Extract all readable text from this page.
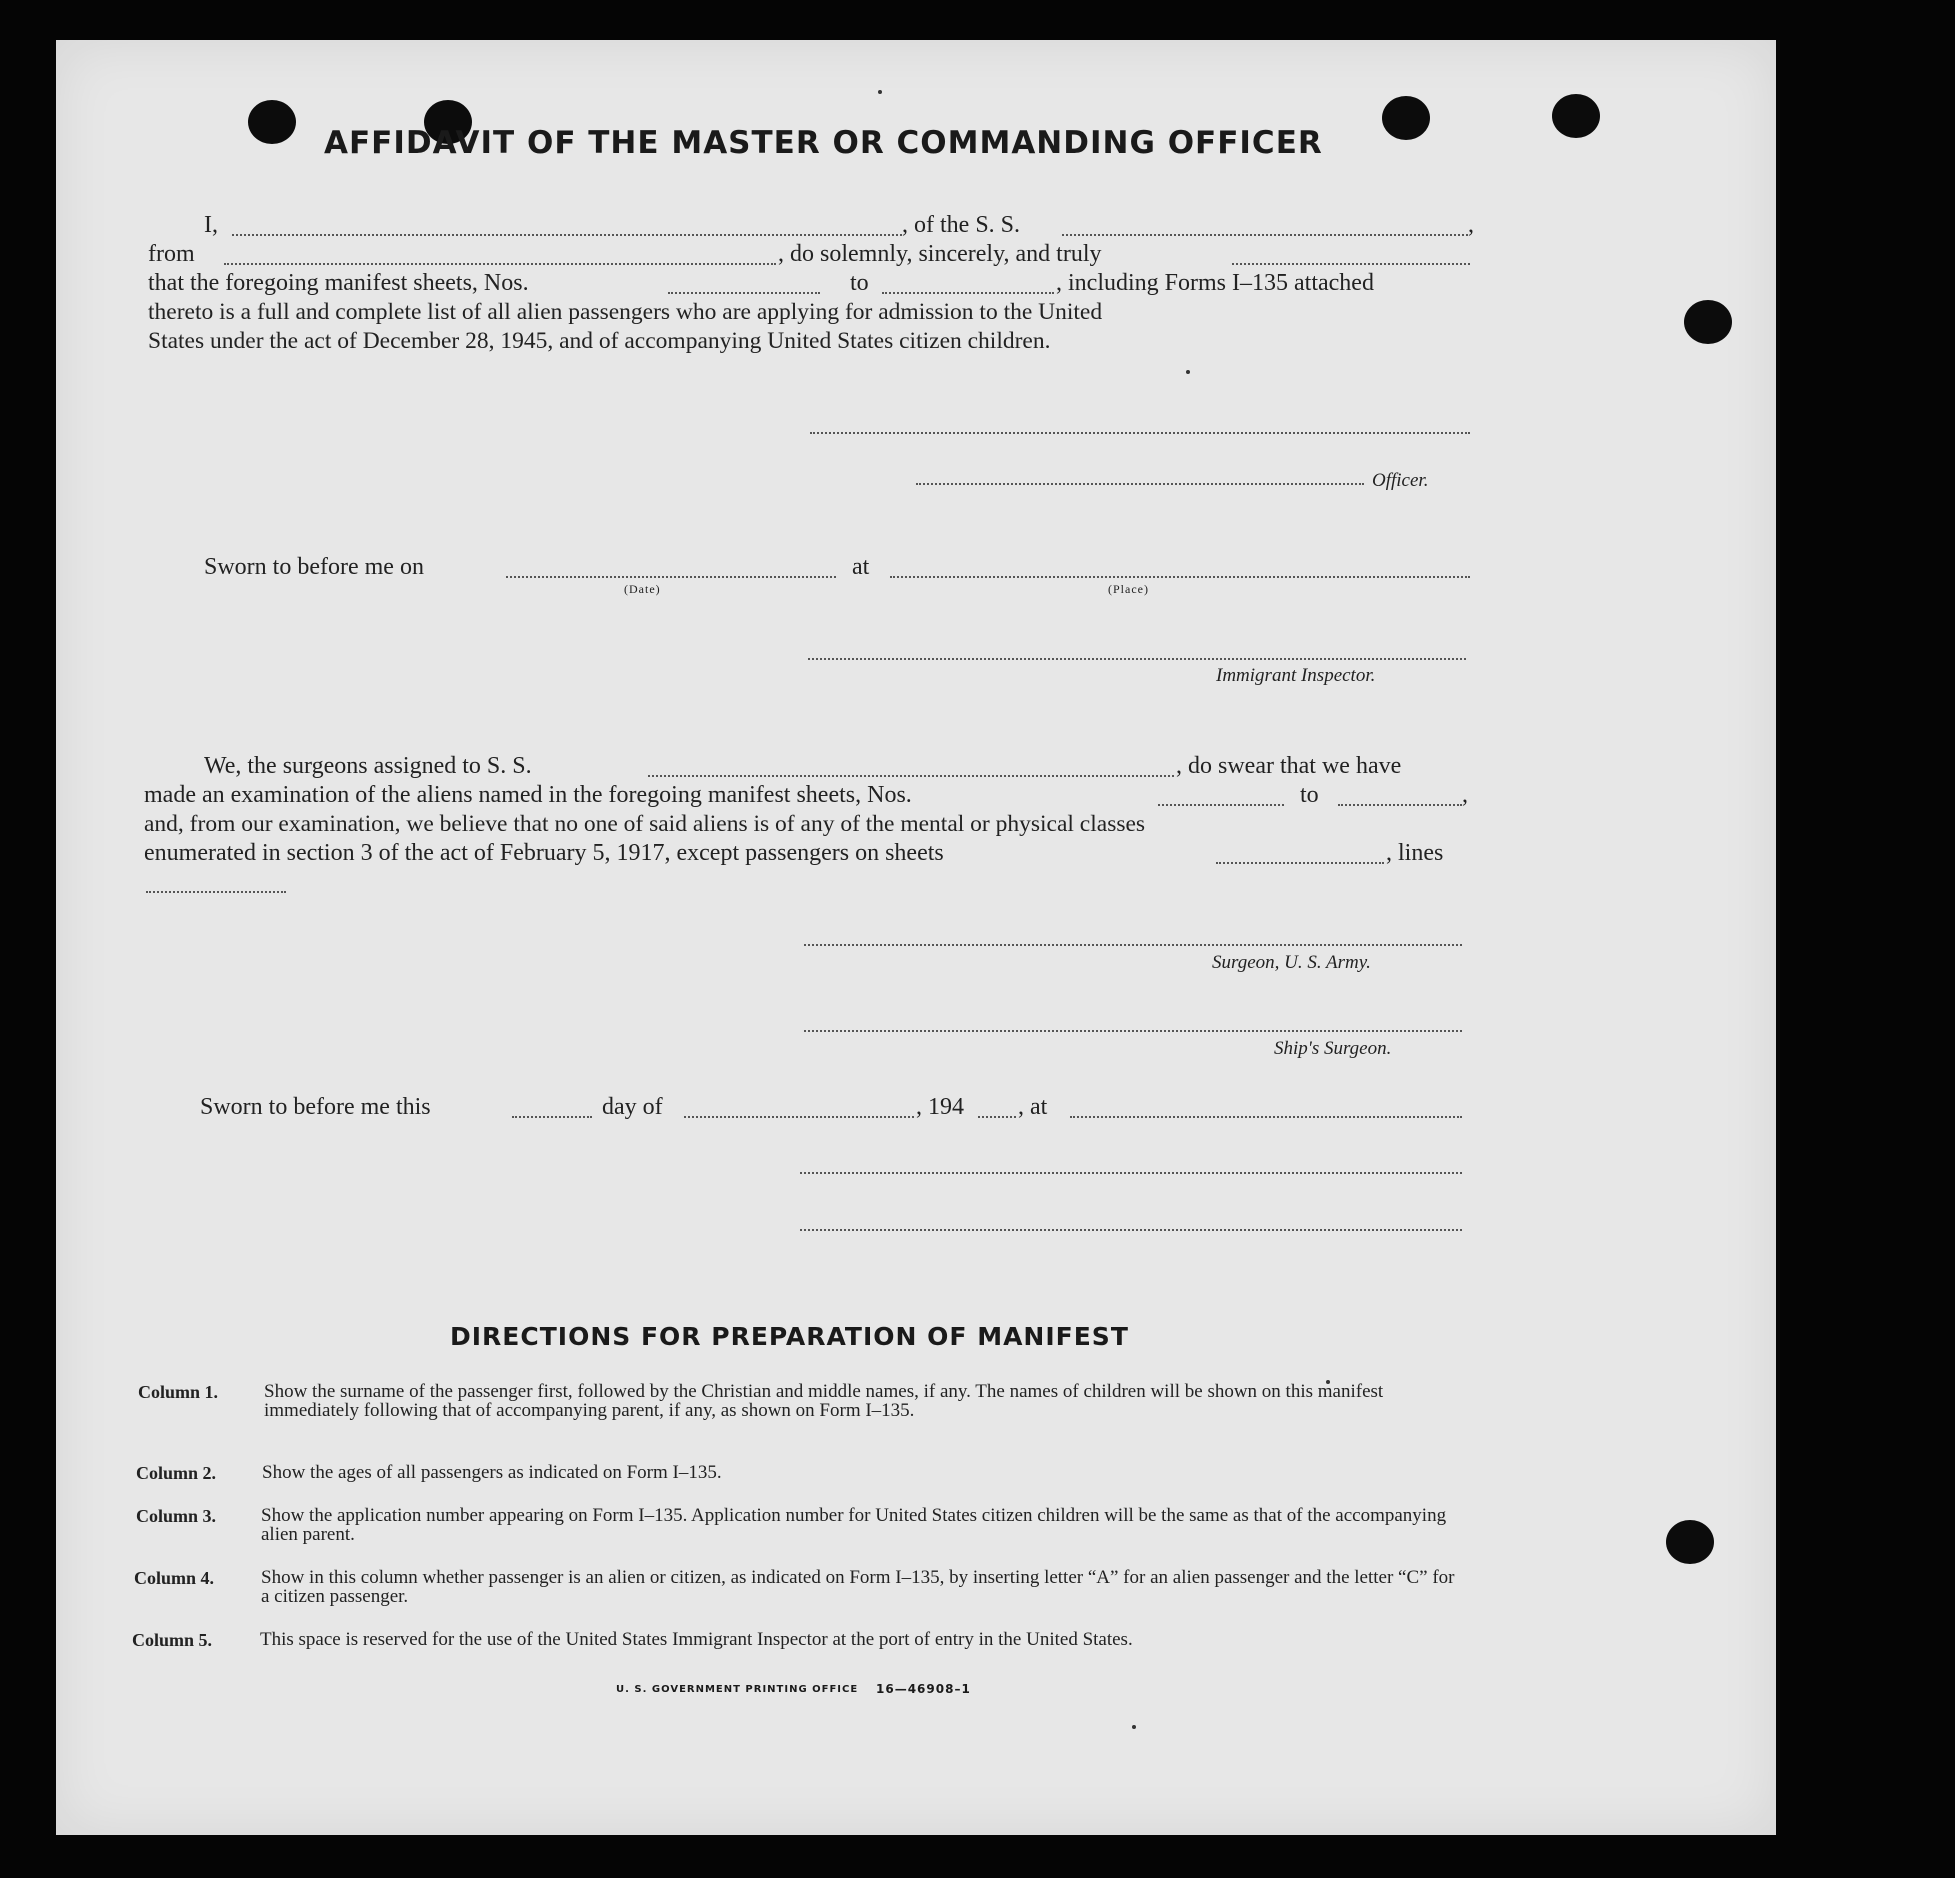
AFFIDAVIT OF THE MASTER OR COMMANDING OFFICER
I,	, of the S. S.	,
from	, do solemnly, sincerely, and truly
that the foregoing manifest sheets, Nos.	to	, including Forms I–135 attached
thereto is a full and complete list of all alien passengers who are applying for admission to the United
States under the act of December 28, 1945, and of accompanying United States citizen children.
Officer.
Sworn to before me on
(Date)
at
(Place)
Immigrant Inspector.
We, the surgeons assigned to S. S.	, do swear that we have
made an examination of the aliens named in the foregoing manifest sheets, Nos.	to	,
and, from our examination, we believe that no one of said aliens is of any of the mental or physical classes
enumerated in section 3 of the act of February 5, 1917, except passengers on sheets	, lines
Surgeon, U. S. Army.
Ship's Surgeon.
Sworn to before me this	day of	, 194 , at
DIRECTIONS FOR PREPARATION OF MANIFEST
Column 1. Show the surname of the passenger first, followed by the Christian and middle names, if any. The names of children will be shown on this manifest immediately following that of accompanying parent, if any, as shown on Form I–135.
Column 2. Show the ages of all passengers as indicated on Form I–135.
Column 3. Show the application number appearing on Form I–135. Application number for United States citizen children will be the same as that of the accompanying alien parent.
Column 4. Show in this column whether passenger is an alien or citizen, as indicated on Form I–135, by inserting letter “A” for an alien passenger and the letter “C” for a citizen passenger.
Column 5.	This space is reserved for the use of the United States Immigrant Inspector at the port of entry in the United States.
U. S. GOVERNMENT PRINTING OFFICE 16—46908–1
